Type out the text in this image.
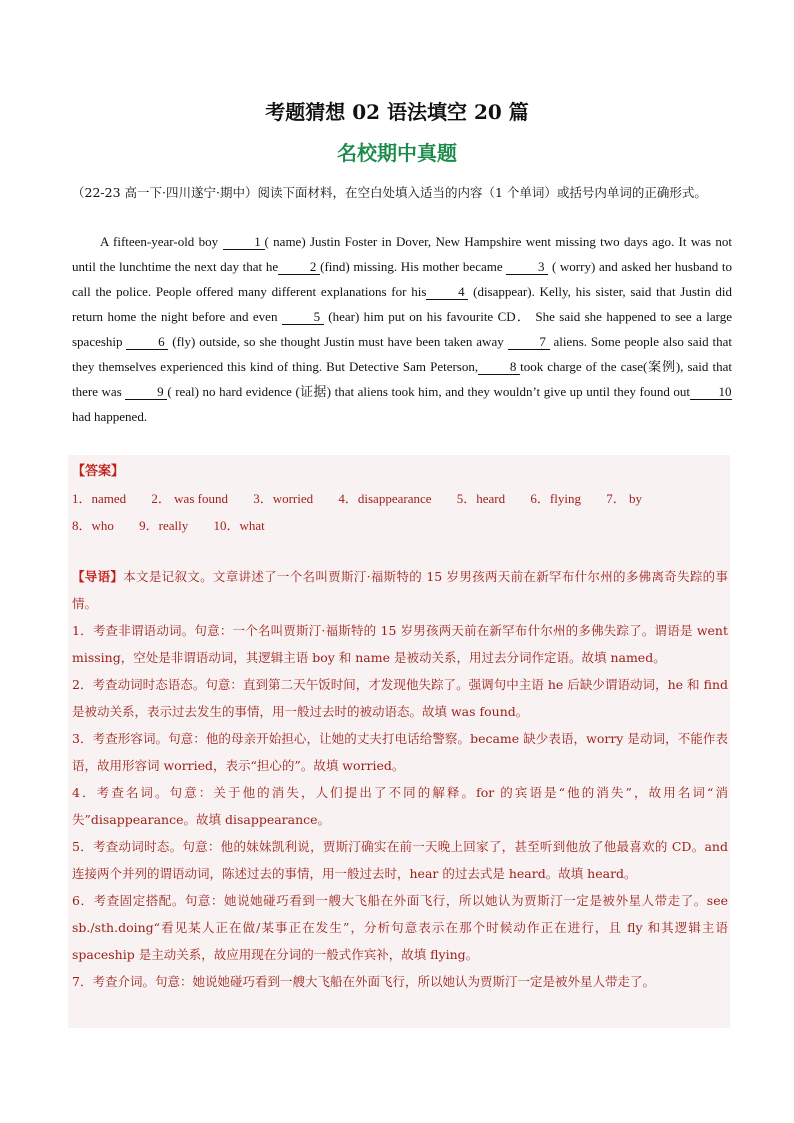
考题猜想 02 语法填空 20 篇
名校期中真题
（22-23 高一下·四川遂宁·期中）阅读下面材料，在空白处填入适当的内容（1 个单词）或括号内单词的正确形式。

A fifteen-year-old boy 1 ( name) Justin Foster in Dover, New Hampshire went missing two days ago. It was not until the lunchtime the next day that he 2 (find) missing. His mother became 3 ( worry) and asked her husband to call the police. People offered many different explanations for his 4 (disappear). Kelly, his sister, said that Justin did return home the night before and even 5 (hear) him put on his favourite CD． She said she happened to see a large spaceship 6 (fly) outside, so she thought Justin must have been taken away 7 aliens. Some people also said that they themselves experienced this kind of thing. But Detective Sam Peterson, 8 took charge of the case(案例), said that there was 9 ( real) no hard evidence (证据) that aliens took him, and they wouldn’t give up until they found out 10had happened.

【答案】
1．named 2． was found 3．worried 4．disappearance 5．heard 6．flying 7． by
8．who 9．really 10．what

【导语】本文是记叙文。文章讲述了一个名叫贾斯汀·福斯特的 15 岁男孩两天前在新罕布什尔州的多佛离奇失踪的事情。

1．考查非谓语动词。句意：一个名叫贾斯汀·福斯特的 15 岁男孩两天前在新罕布什尔州的多佛失踪了。谓语是 went missing，空处是非谓语动词，其逻辑主语 boy 和 name 是被动关系，用过去分词作定语。故填 named。

2．考查动词时态语态。句意：直到第二天午饭时间，才发现他失踪了。强调句中主语 he 后缺少谓语动词，he 和 find 是被动关系，表示过去发生的事情，用一般过去时的被动语态。故填 was found。

3．考查形容词。句意：他的母亲开始担心，让她的丈夫打电话给警察。became 缺少表语，worry 是动词，不能作表语，故用形容词 worried，表示“担心的”。故填 worried。

4．考查名词。句意：关于他的消失，人们提出了不同的解释。for 的宾语是“他的消失”，故用名词“消失”disappearance。故填 disappearance。

5．考查动词时态。句意：他的妹妹凯利说，贾斯汀确实在前一天晚上回家了，甚至听到他放了他最喜欢的 CD。and 连接两个并列的谓语动词，陈述过去的事情，用一般过去时，hear 的过去式是 heard。故填 heard。

6．考查固定搭配。句意：她说她碰巧看到一艘大飞船在外面飞行，所以她认为贾斯汀一定是被外星人带走了。see sb./sth.doing“看见某人正在做/某事正在发生”，分析句意表示在那个时候动作正在进行，且 fly 和其逻辑主语 spaceship 是主动关系，故应用现在分词的一般式作宾补，故填 flying。

7．考查介词。句意：她说她碰巧看到一艘大飞船在外面飞行，所以她认为贾斯汀一定是被外星人带走了。
